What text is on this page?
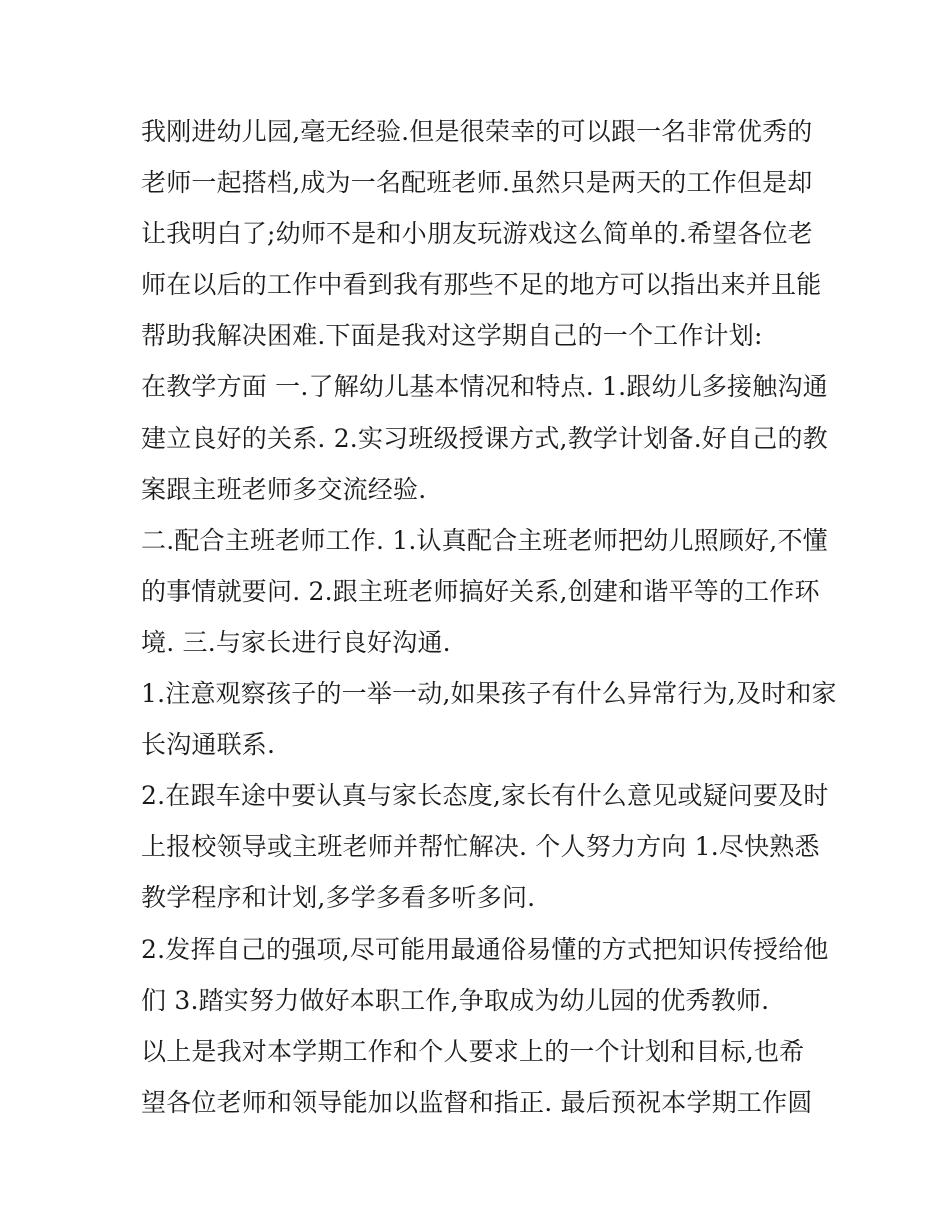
我刚进幼儿园,毫无经验.但是很荣幸的可以跟一名非常优秀的
老师一起搭档,成为一名配班老师.虽然只是两天的工作但是却
让我明白了;幼师不是和小朋友玩游戏这么简单的.希望各位老
师在以后的工作中看到我有那些不足的地方可以指出来并且能
帮助我解决困难.下面是我对这学期自己的一个工作计划:
在教学方面 一.了解幼儿基本情况和特点. 1.跟幼儿多接触沟通
建立良好的关系. 2.实习班级授课方式,教学计划备.好自己的教
案跟主班老师多交流经验.
二.配合主班老师工作. 1.认真配合主班老师把幼儿照顾好,不懂
的事情就要问. 2.跟主班老师搞好关系,创建和谐平等的工作环
境. 三.与家长进行良好沟通.
1.注意观察孩子的一举一动,如果孩子有什么异常行为,及时和家
长沟通联系.
2.在跟车途中要认真与家长态度,家长有什么意见或疑问要及时
上报校领导或主班老师并帮忙解决. 个人努力方向 1.尽快熟悉
教学程序和计划,多学多看多听多问.
2.发挥自己的强项,尽可能用最通俗易懂的方式把知识传授给他
们 3.踏实努力做好本职工作,争取成为幼儿园的优秀教师.
以上是我对本学期工作和个人要求上的一个计划和目标,也希
望各位老师和领导能加以监督和指正. 最后预祝本学期工作圆
